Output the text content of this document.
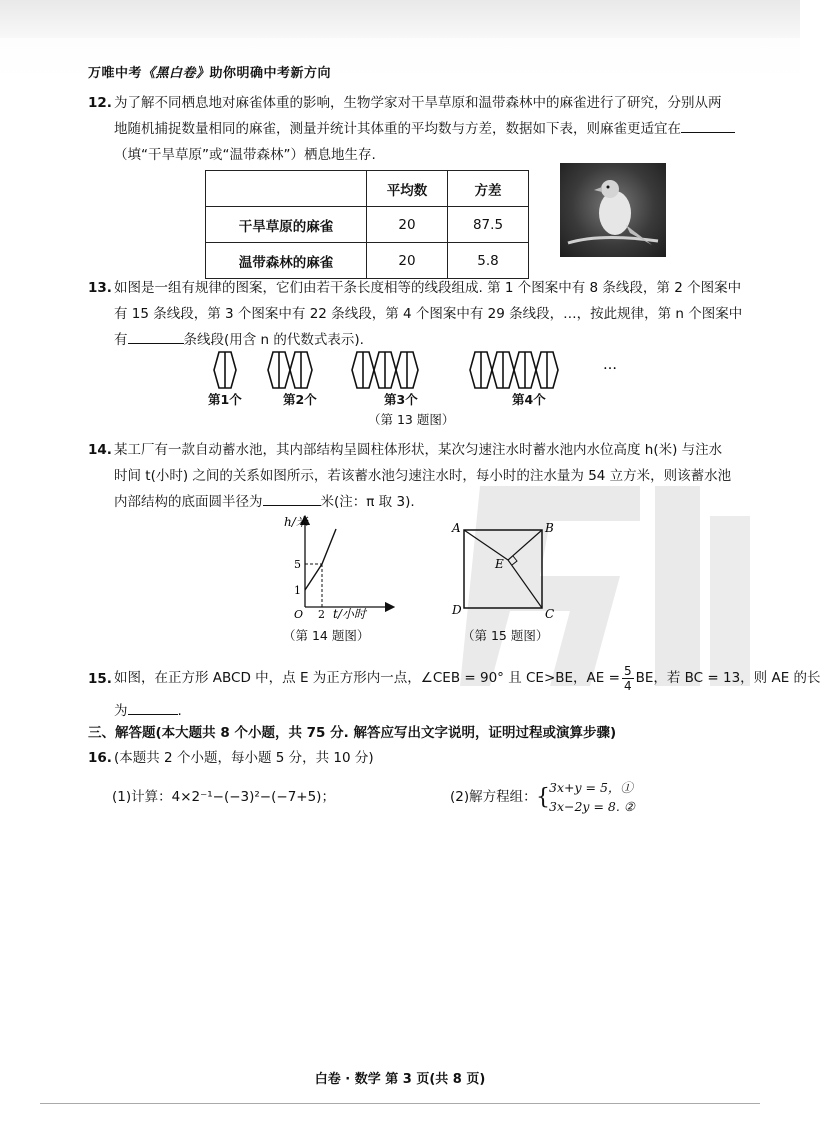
万唯中考《黑白卷》助你明确中考新方向
12. 为了解不同栖息地对麻雀体重的影响，生物学家对干旱草原和温带森林中的麻雀进行了研究，分别从两
地随机捕捉数量相同的麻雀，测量并统计其体重的平均数与方差，数据如下表，则麻雀更适宜在
（填“干旱草原”或“温带森林”）栖息地生存.
	平均数	方差
干旱草原的麻雀	20	87.5
温带森林的麻雀	20	5.8
13. 如图是一组有规律的图案，它们由若干条长度相等的线段组成. 第 1 个图案中有 8 条线段，第 2 个图案中
有 15 条线段，第 3 个图案中有 22 条线段，第 4 个图案中有 29 条线段，…，按此规律，第 n 个图案中
有	条线段(用含 n 的代数式表示).
…
第1个	第2个	第3个	第4个
（第 13 题图）
14. 某工厂有一款自动蓄水池，其内部结构呈圆柱体形状，某次匀速注水时蓄水池内水位高度 h(米) 与注水
时间 t(小时) 之间的关系如图所示，若该蓄水池匀速注水时，每小时的注水量为 54 立方米，则该蓄水池
内部结构的底面圆半径为	米(注：π 取 3).
h/米
5
1
O 2 t/小时
（第 14 题图）
A	B
C
D
E
（第 15 题图）
15. 如图，在正方形 ABCD 中，点 E 为正方形内一点，∠CEB = 90° 且 CE>BE，AE = $\frac{5}{4}$ BE，若 BC = 13，则 AE 的长
为	.
三、解答题(本大题共 8 个小题，共 75 分. 解答应写出文字说明，证明过程或演算步骤)
16. (本题共 2 个小题，每小题 5 分，共 10 分)
(1)计算：4×2⁻¹−(−3)²−(−7+5)；	(2)解方程组： { 3x+y = 5，①
3x−2y = 8. ②
白卷 · 数学 第 3 页(共 8 页)
